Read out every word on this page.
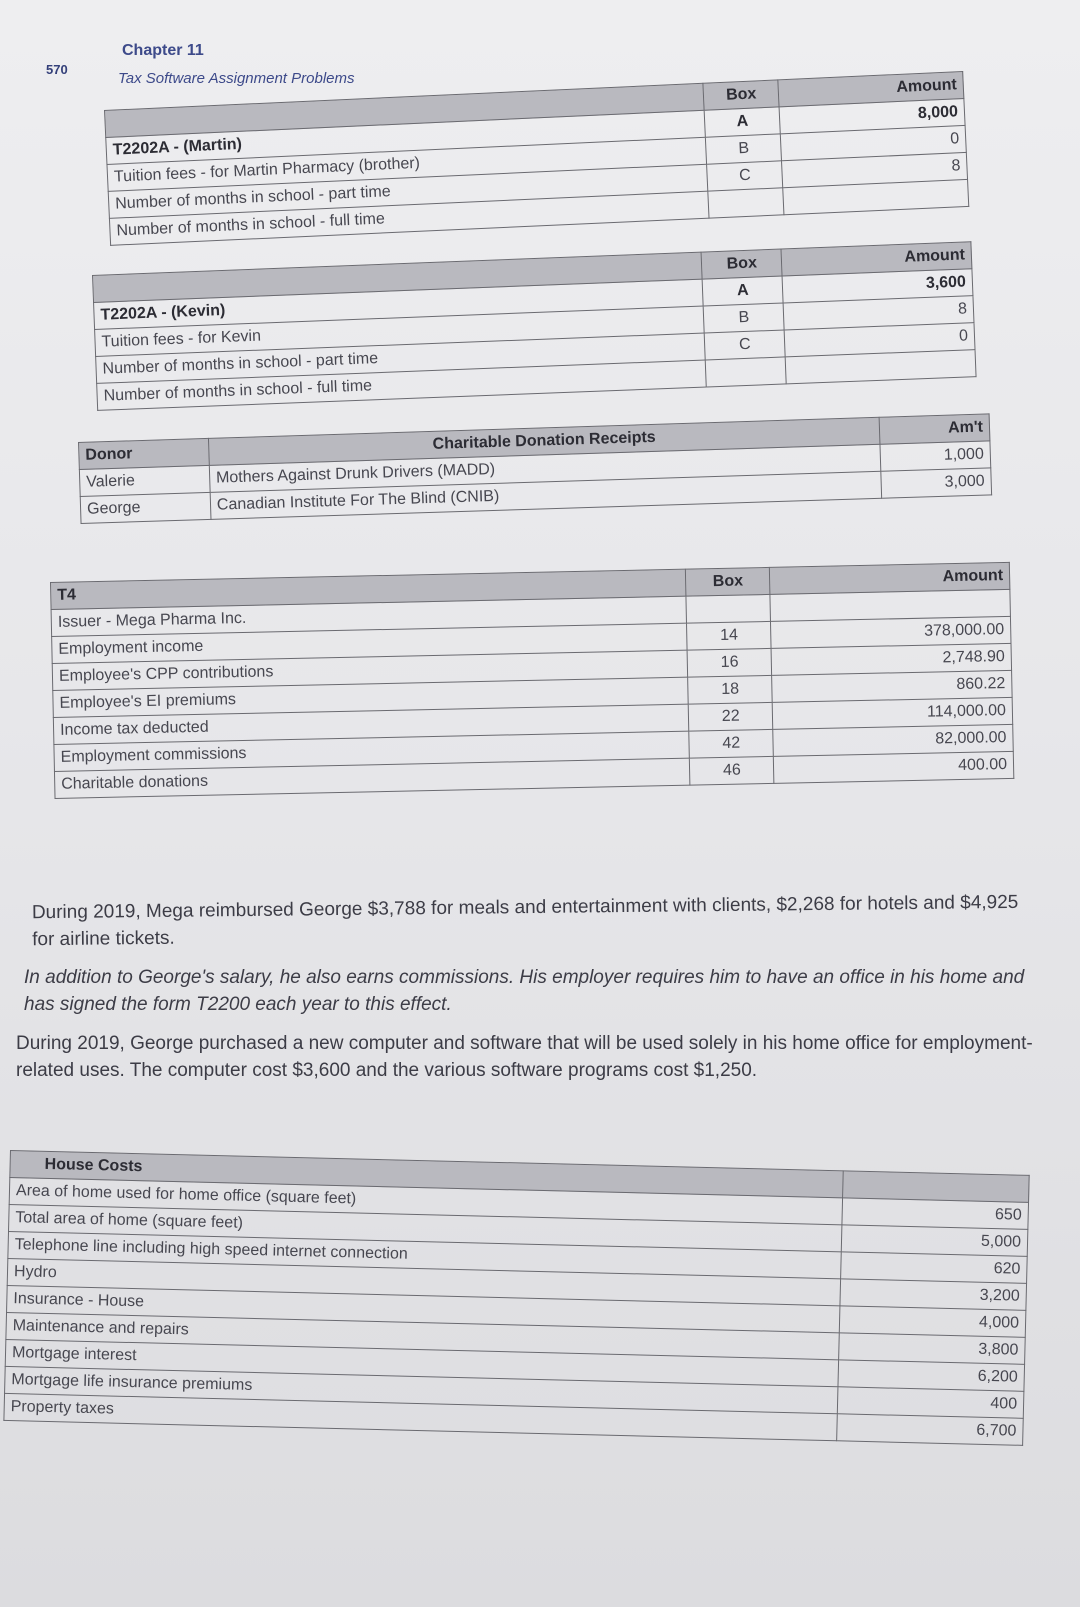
570
Chapter 11
Tax Software Assignment Problems
	Box	Amount
T2202A - (Martin)	A	8,000
Tuition fees - for Martin Pharmacy (brother)	B	0
Number of months in school - part time	C	8
Number of months in school - full time		
	Box	Amount
T2202A - (Kevin)	A	3,600
Tuition fees - for Kevin	B	8
Number of months in school - part time	C	0
Number of months in school - full time		
Donor	Charitable Donation Receipts	Am't
Valerie	Mothers Against Drunk Drivers (MADD)	1,000
George	Canadian Institute For The Blind (CNIB)	3,000
T4	Box	Amount
Issuer - Mega Pharma Inc.		
Employment income	14	378,000.00
Employee's CPP contributions	16	2,748.90
Employee's EI premiums	18	860.22
Income tax deducted	22	114,000.00
Employment commissions	42	82,000.00
Charitable donations	46	400.00
During 2019, Mega reimbursed George $3,788 for meals and entertainment with clients, $2,268 for hotels and $4,925 for airline tickets.
In addition to George's salary, he also earns commissions. His employer requires him to have an office in his home and has signed the form T2200 each year to this effect.
During 2019, George purchased a new computer and software that will be used solely in his home office for employment-related uses. The computer cost $3,600 and the various software programs cost $1,250.
House Costs	
Area of home used for home office (square feet)	650
Total area of home (square feet)	5,000
Telephone line including high speed internet connection	620
Hydro	3,200
Insurance - House	4,000
Maintenance and repairs	3,800
Mortgage interest	6,200
Mortgage life insurance premiums	400
Property taxes	6,700
